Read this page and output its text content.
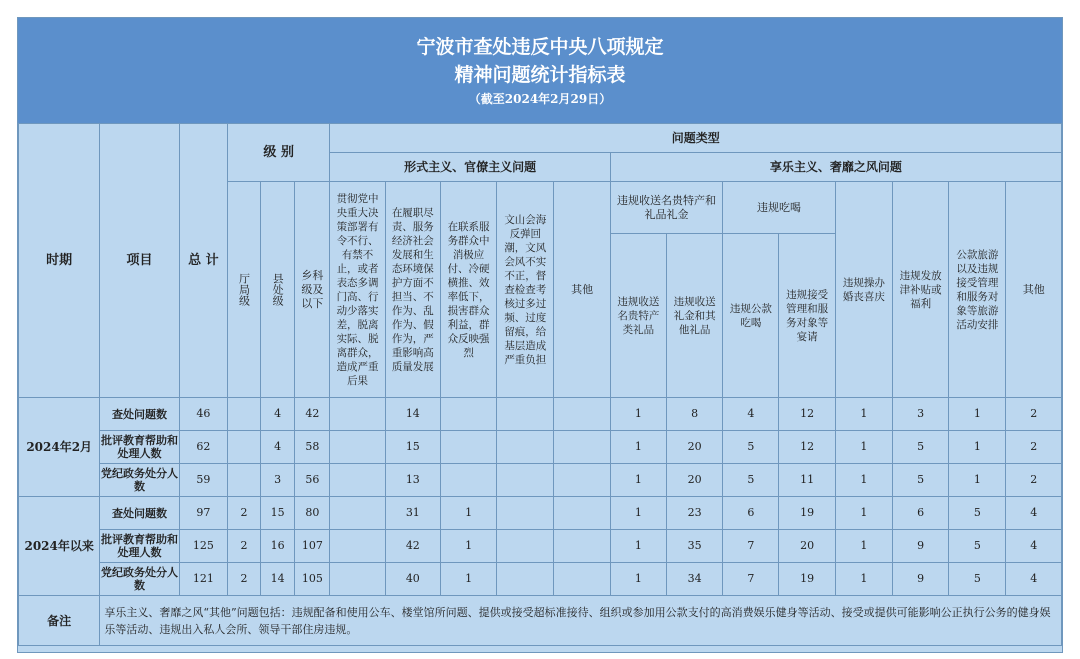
宁波市查处违反中央八项规定
精神问题统计指标表
（截至2024年2月29日）
时期	项目	总 计	级 别			问题类型												
						形式主义、官僚主义问题					享乐主义、奢靡之风问题							

			厅局级	县处级	乡科级及以下	贯彻党中央重大决策部署有令不行、有禁不止，或者表态多调门高、行动少落实差，脱离实际、脱离群众，造成严重后果	在履职尽责、服务经济社会发展和生态环境保护方面不担当、不作为、乱作为、假作为，严重影响高质量发展	在联系服务群众中消极应付、冷硬横推、效率低下，损害群众利益，群众反映强烈	文山会海反弹回潮，文风会风不实不正，督查检查考核过多过频、过度留痕，给基层造成严重负担	其他	违规收送名贵特产和礼品礼金		违规吃喝		违规操办婚丧喜庆	违规发放津补贴或福利	公款旅游以及违规接受管理和服务对象等旅游活动安排	其他
											违规收送名贵特产类礼品	违规收送礼金和其他礼品	违规公款吃喝	违规接受管理和服务对象等宴请				
2024年2月	查处问题数	46		4	42		14				1	8	4	12	1	3	1	2
	批评教育帮助和处理人数	62		4	58		15				1	20	5	12	1	5	1	2
	党纪政务处分人数	59		3	56		13				1	20	5	11	1	5	1	2
2024年以来	查处问题数	97	2	15	80		31	1			1	23	6	19	1	6	5	4
	批评教育帮助和处理人数	125	2	16	107		42	1			1	35	7	20	1	9	5	4
	党纪政务处分人数	121	2	14	105		40	1			1	34	7	19	1	9	5	4
备注	享乐主义、奢靡之风“其他”问题包括：违规配备和使用公车、楼堂馆所问题、提供或接受超标准接待、组织或参加用公款支付的高消费娱乐健身等活动、接受或提供可能影响公正执行公务的健身娱乐等活动、违规出入私人会所、领导干部住房违规。																	
